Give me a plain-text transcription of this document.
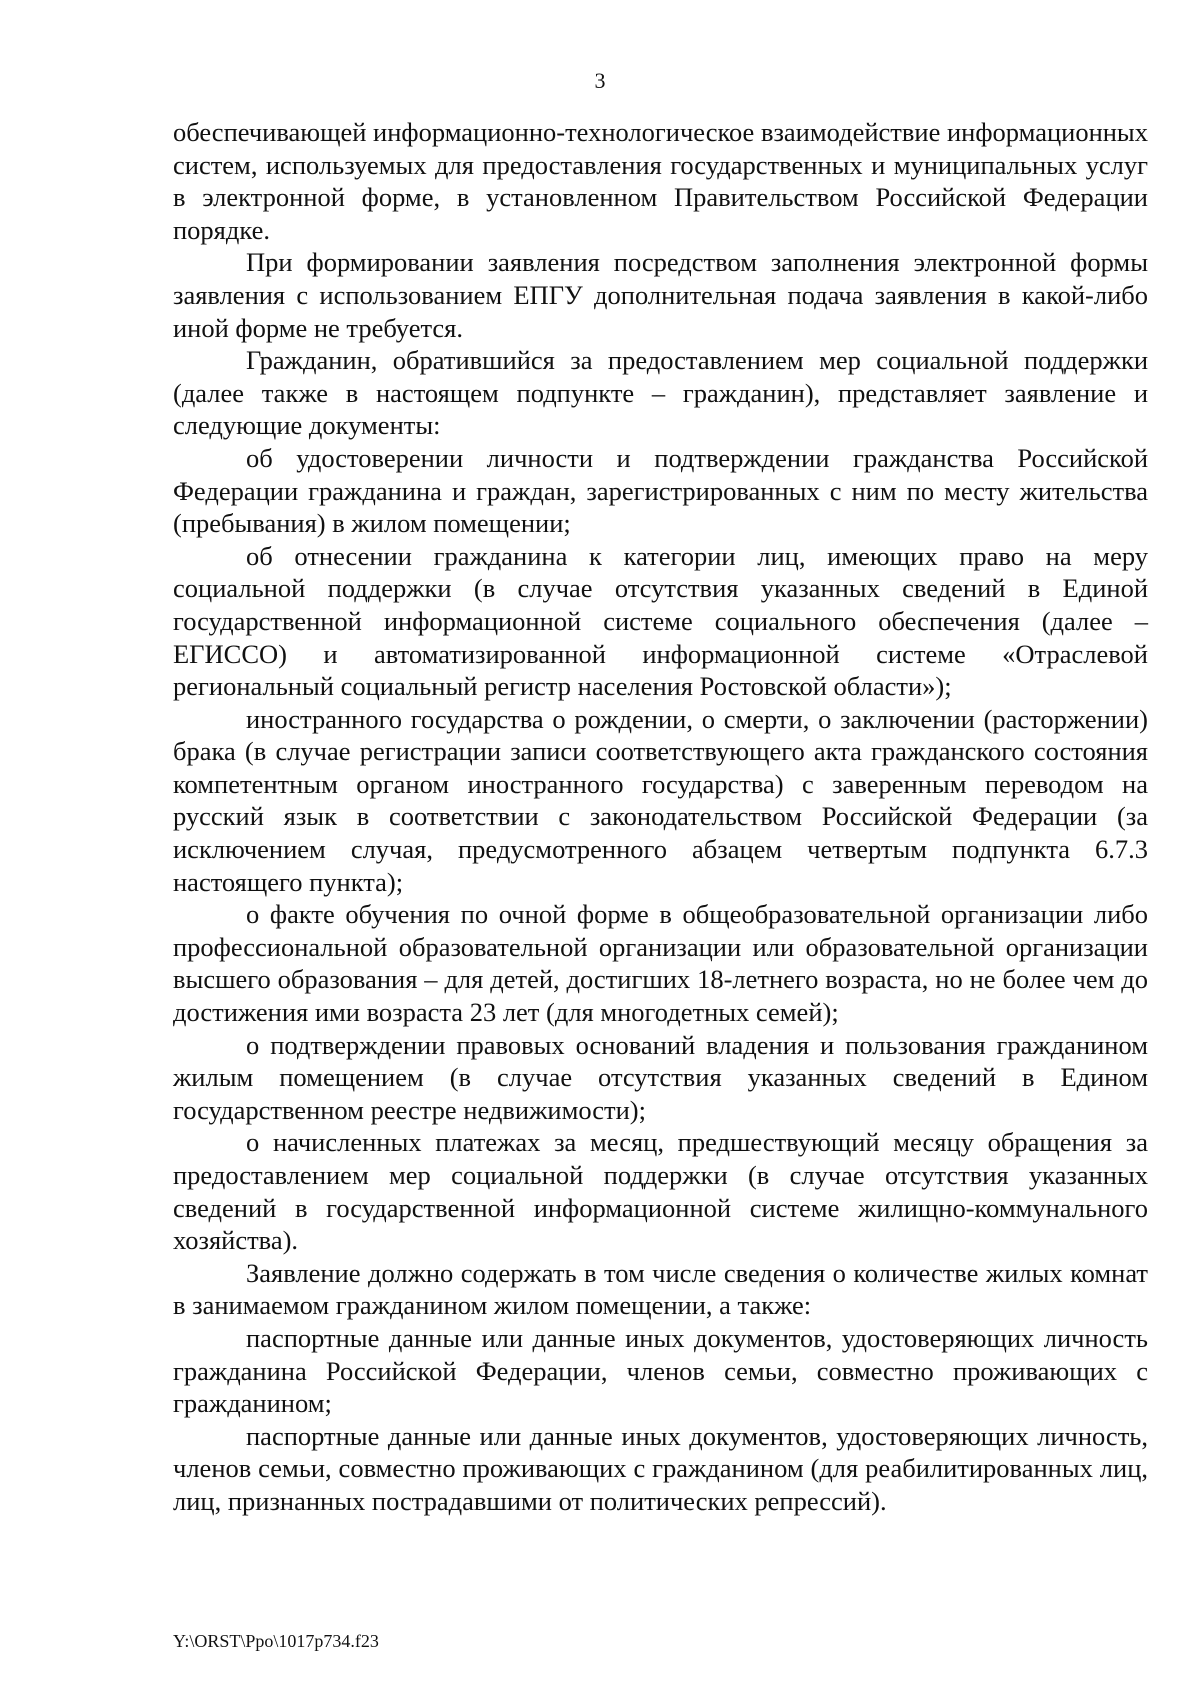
3

обеспечивающей информационно-технологическое взаимодействие информационных систем, используемых для предоставления государственных и муниципальных услуг в электронной форме, в установленном Правительством Российской Федерации порядке.

При формировании заявления посредством заполнения электронной формы заявления с использованием ЕПГУ дополнительная подача заявления в какой-либо иной форме не требуется.

Гражданин, обратившийся за предоставлением мер социальной поддержки (далее также в настоящем подпункте – гражданин), представляет заявление и следующие документы:

об удостоверении личности и подтверждении гражданства Российской Федерации гражданина и граждан, зарегистрированных с ним по месту жительства (пребывания) в жилом помещении;

об отнесении гражданина к категории лиц, имеющих право на меру социальной поддержки (в случае отсутствия указанных сведений в Единой государственной информационной системе социального обеспечения (далее – ЕГИССО) и автоматизированной информационной системе «Отраслевой региональный социальный регистр населения Ростовской области»);

иностранного государства о рождении, о смерти, о заключении (расторжении) брака (в случае регистрации записи соответствующего акта гражданского состояния компетентным органом иностранного государства) с заверенным переводом на русский язык в соответствии с законодательством Российской Федерации (за исключением случая, предусмотренного абзацем четвертым подпункта 6.7.3 настоящего пункта);

о факте обучения по очной форме в общеобразовательной организации либо профессиональной образовательной организации или образовательной организации высшего образования – для детей, достигших 18-летнего возраста, но не более чем до достижения ими возраста 23 лет (для многодетных семей);

о подтверждении правовых оснований владения и пользования гражданином жилым помещением (в случае отсутствия указанных сведений в Едином государственном реестре недвижимости);

о начисленных платежах за месяц, предшествующий месяцу обращения за предоставлением мер социальной поддержки (в случае отсутствия указанных сведений в государственной информационной системе жилищно-коммунального хозяйства).

Заявление должно содержать в том числе сведения о количестве жилых комнат в занимаемом гражданином жилом помещении, а также:

паспортные данные или данные иных документов, удостоверяющих личность гражданина Российской Федерации, членов семьи, совместно проживающих с гражданином;

паспортные данные или данные иных документов, удостоверяющих личность, членов семьи, совместно проживающих с гражданином (для реабилитированных лиц, лиц, признанных пострадавшими от политических репрессий).

Y:\ORST\Ppo\1017p734.f23
